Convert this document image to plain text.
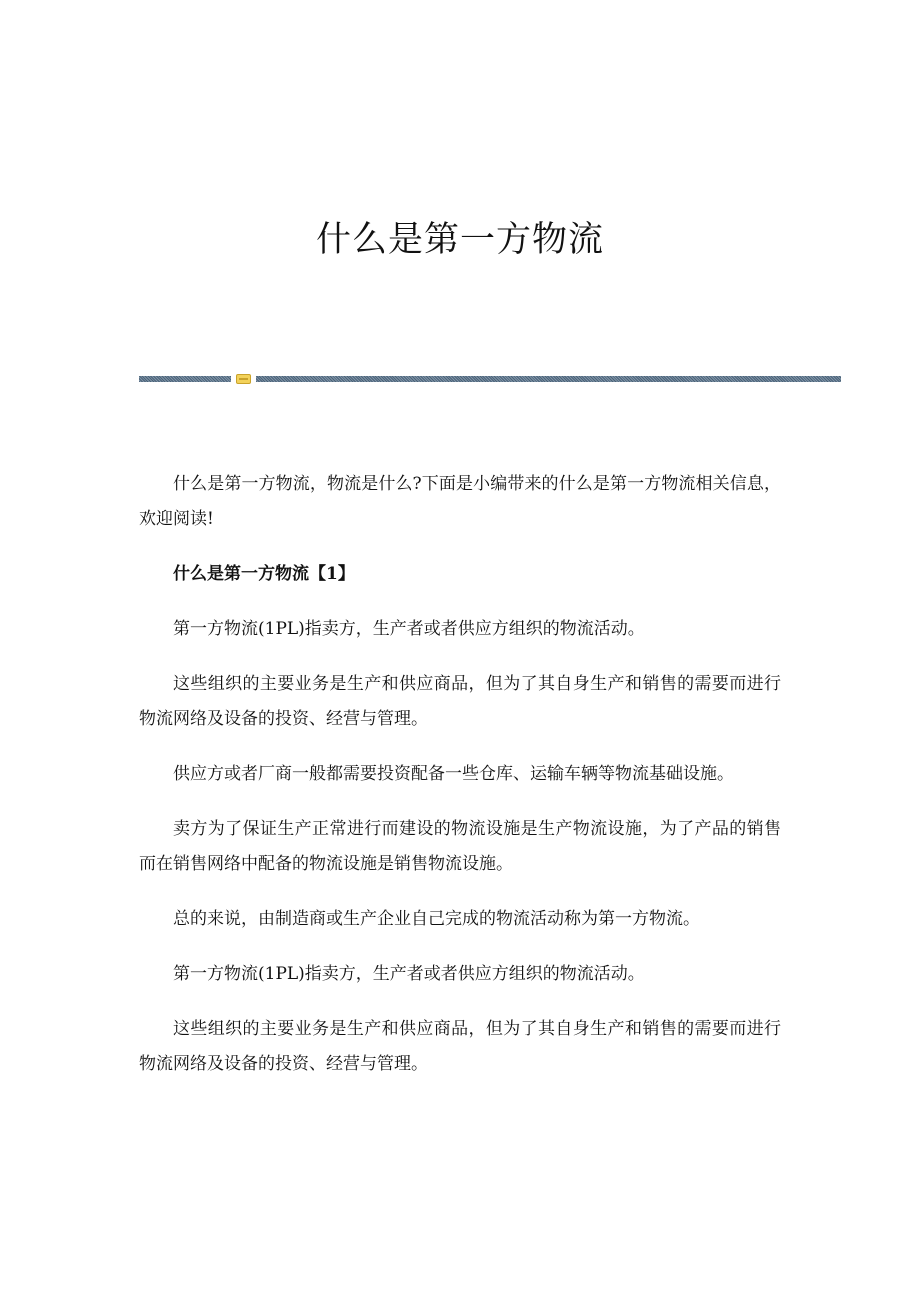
什么是第一方物流

什么是第一方物流，物流是什么?下面是小编带来的什么是第一方物流相关信息，欢迎阅读!

什么是第一方物流【1】

第一方物流(1PL)指卖方，生产者或者供应方组织的物流活动。

这些组织的主要业务是生产和供应商品，但为了其自身生产和销售的需要而进行物流网络及设备的投资、经营与管理。

供应方或者厂商一般都需要投资配备一些仓库、运输车辆等物流基础设施。

卖方为了保证生产正常进行而建设的物流设施是生产物流设施，为了产品的销售而在销售网络中配备的物流设施是销售物流设施。

总的来说，由制造商或生产企业自己完成的物流活动称为第一方物流。

第一方物流(1PL)指卖方，生产者或者供应方组织的物流活动。

这些组织的主要业务是生产和供应商品，但为了其自身生产和销售的需要而进行物流网络及设备的投资、经营与管理。
